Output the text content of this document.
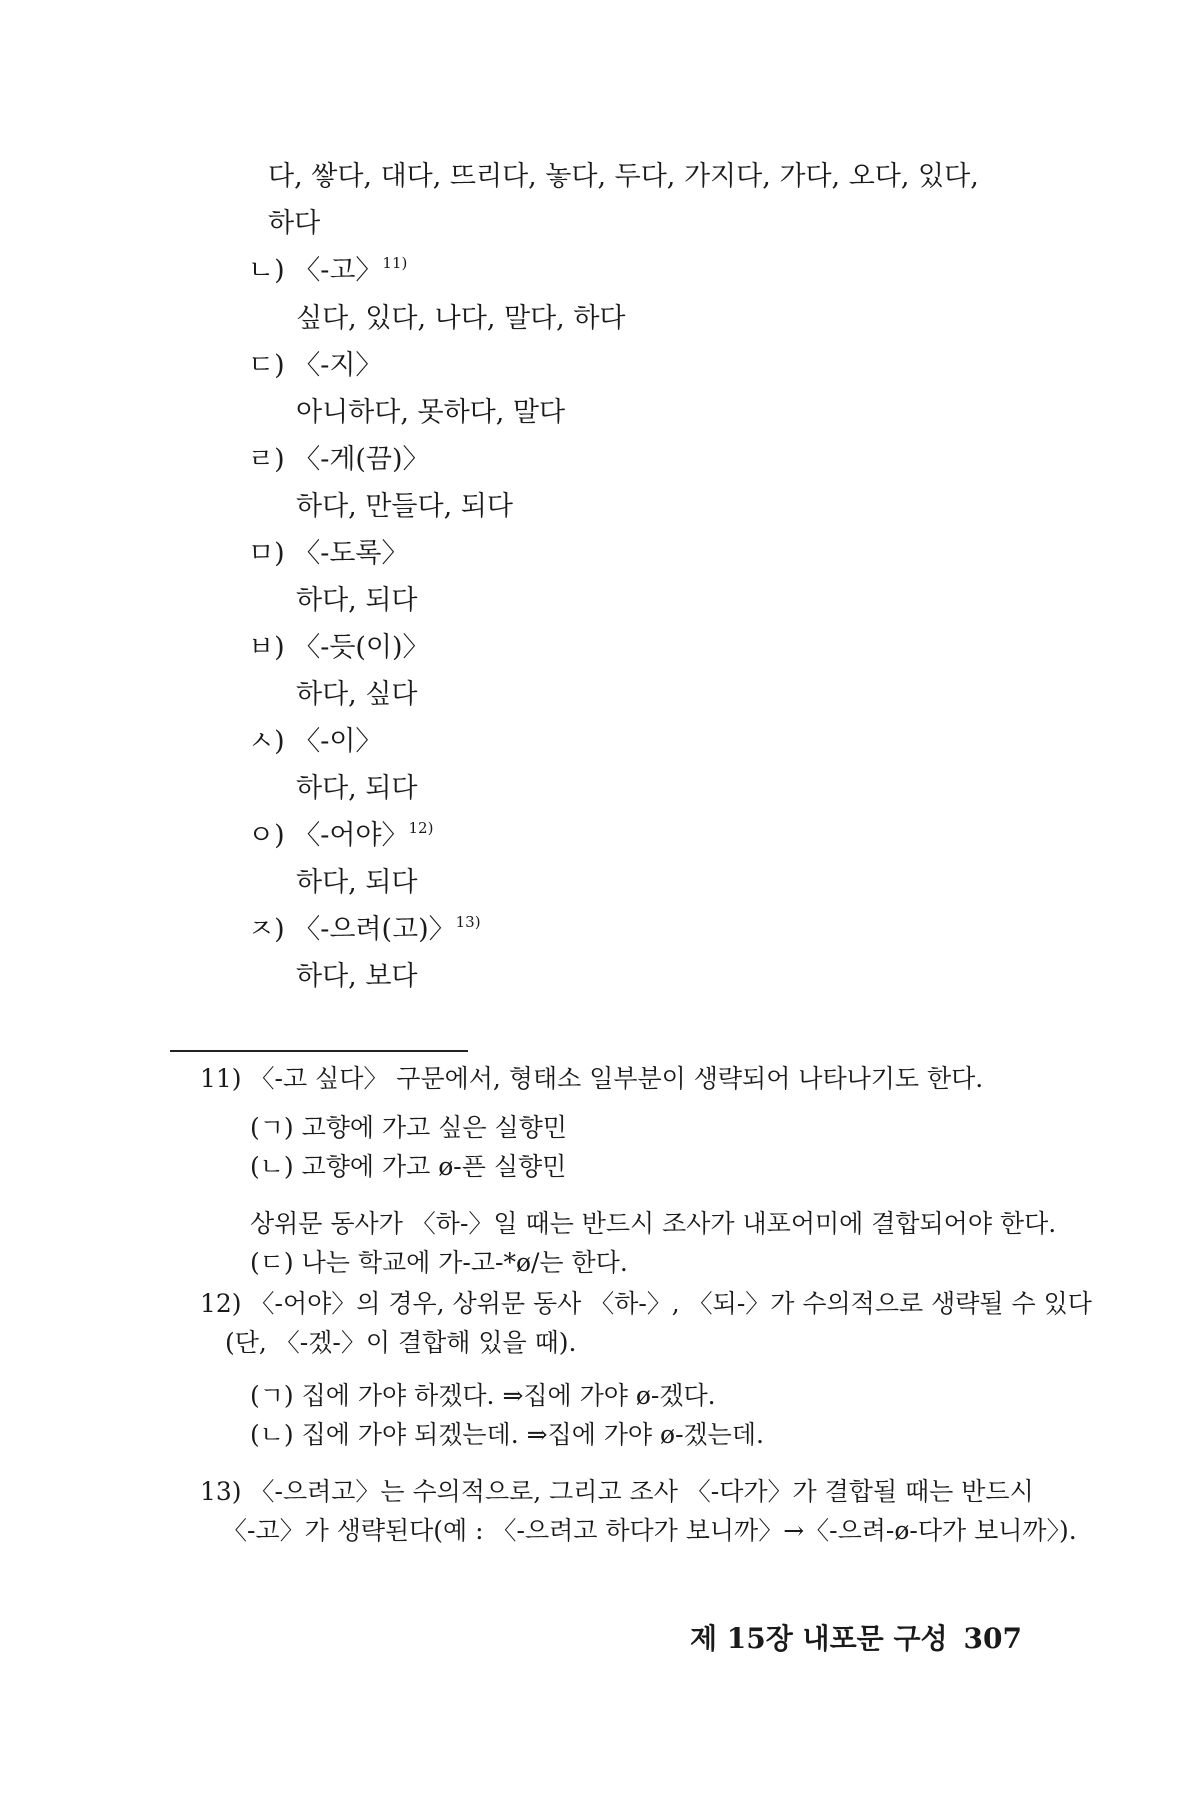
다, 쌓다, 대다, 뜨리다, 놓다, 두다, 가지다, 가다, 오다, 있다,
하다
ㄴ) 〈-고〉$^{11)}$
싶다, 있다, 나다, 말다, 하다
ㄷ) 〈-지〉
아니하다, 못하다, 말다
ㄹ) 〈-게(끔)〉
하다, 만들다, 되다
ㅁ) 〈-도록〉
하다, 되다
ㅂ) 〈-듯(이)〉
하다, 싶다
ㅅ) 〈-이〉
하다, 되다
ㅇ) 〈-어야〉$^{12)}$
하다, 되다
ㅈ) 〈-으려(고)〉$^{13)}$
하다, 보다
11) 〈-고 싶다〉 구문에서, 형태소 일부분이 생략되어 나타나기도 한다.
(ㄱ) 고향에 가고 싶은 실향민
(ㄴ) 고향에 가고 ø-픈 실향민
상위문 동사가 〈하-〉일 때는 반드시 조사가 내포어미에 결합되어야 한다.
(ㄷ) 나는 학교에 가-고-*ø/는 한다.
12) 〈-어야〉의 경우, 상위문 동사 〈하-〉, 〈되-〉가 수의적으로 생략될 수 있다
(단, 〈-겠-〉이 결합해 있을 때).
(ㄱ) 집에 가야 하겠다. ⇒집에 가야 ø-겠다.
(ㄴ) 집에 가야 되겠는데. ⇒집에 가야 ø-겠는데.
13) 〈-으려고〉는 수의적으로, 그리고 조사 〈-다가〉가 결합될 때는 반드시
〈-고〉가 생략된다(예 : 〈-으려고 하다가 보니까〉→〈-으려-ø-다가 보니까〉).
제 15장 내포문 구성 307
